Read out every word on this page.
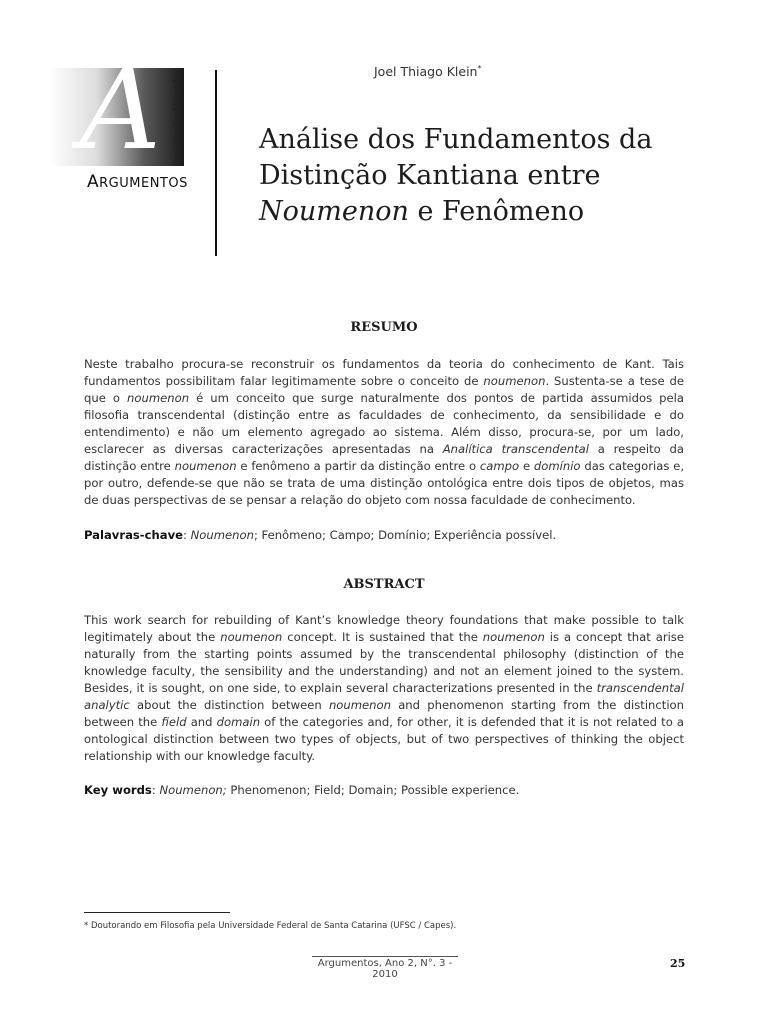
A Revista de Filosofia
ARGUMENTOS
Joel Thiago Klein*
Análise dos Fundamentos da
Distinção Kantiana entre
Noumenon e Fenômeno
RESUMO
Neste trabalho procura-se reconstruir os fundamentos da teoria do conhecimento de Kant. Tais fundamentos possibilitam falar legitimamente sobre o conceito de noumenon. Sustenta-se a tese de que o noumenon é um conceito que surge naturalmente dos pontos de partida assumidos pela filosofia transcendental (distinção entre as faculdades de conhecimento, da sensibilidade e do entendimento) e não um elemento agregado ao sistema. Além disso, procura-se, por um lado, esclarecer as diversas caracterizações apresentadas na Analítica transcendental a respeito da distinção entre noumenon e fenômeno a partir da distinção entre o campo e domínio das categorias e, por outro, defende-se que não se trata de uma distinção ontológica entre dois tipos de objetos, mas de duas perspectivas de se pensar a relação do objeto com nossa faculdade de conhecimento.
Palavras-chave: Noumenon; Fenômeno; Campo; Domínio; Experiência possível.
ABSTRACT
This work search for rebuilding of Kant’s knowledge theory foundations that make possible to talk legitimately about the noumenon concept. It is sustained that the noumenon is a concept that arise naturally from the starting points assumed by the transcendental philosophy (distinction of the knowledge faculty, the sensibility and the understanding) and not an element joined to the system. Besides, it is sought, on one side, to explain several characterizations presented in the transcendental analytic about the distinction between noumenon and phenomenon starting from the distinction between the field and domain of the categories and, for other, it is defended that it is not related to a ontological distinction between two types of objects, but of two perspectives of thinking the object relationship with our knowledge faculty.
Key words: Noumenon; Phenomenon; Field; Domain; Possible experience.
* Doutorando em Filosofia pela Universidade Federal de Santa Catarina (UFSC / Capes).
Argumentos, Ano 2, N°. 3 - 2010
25
